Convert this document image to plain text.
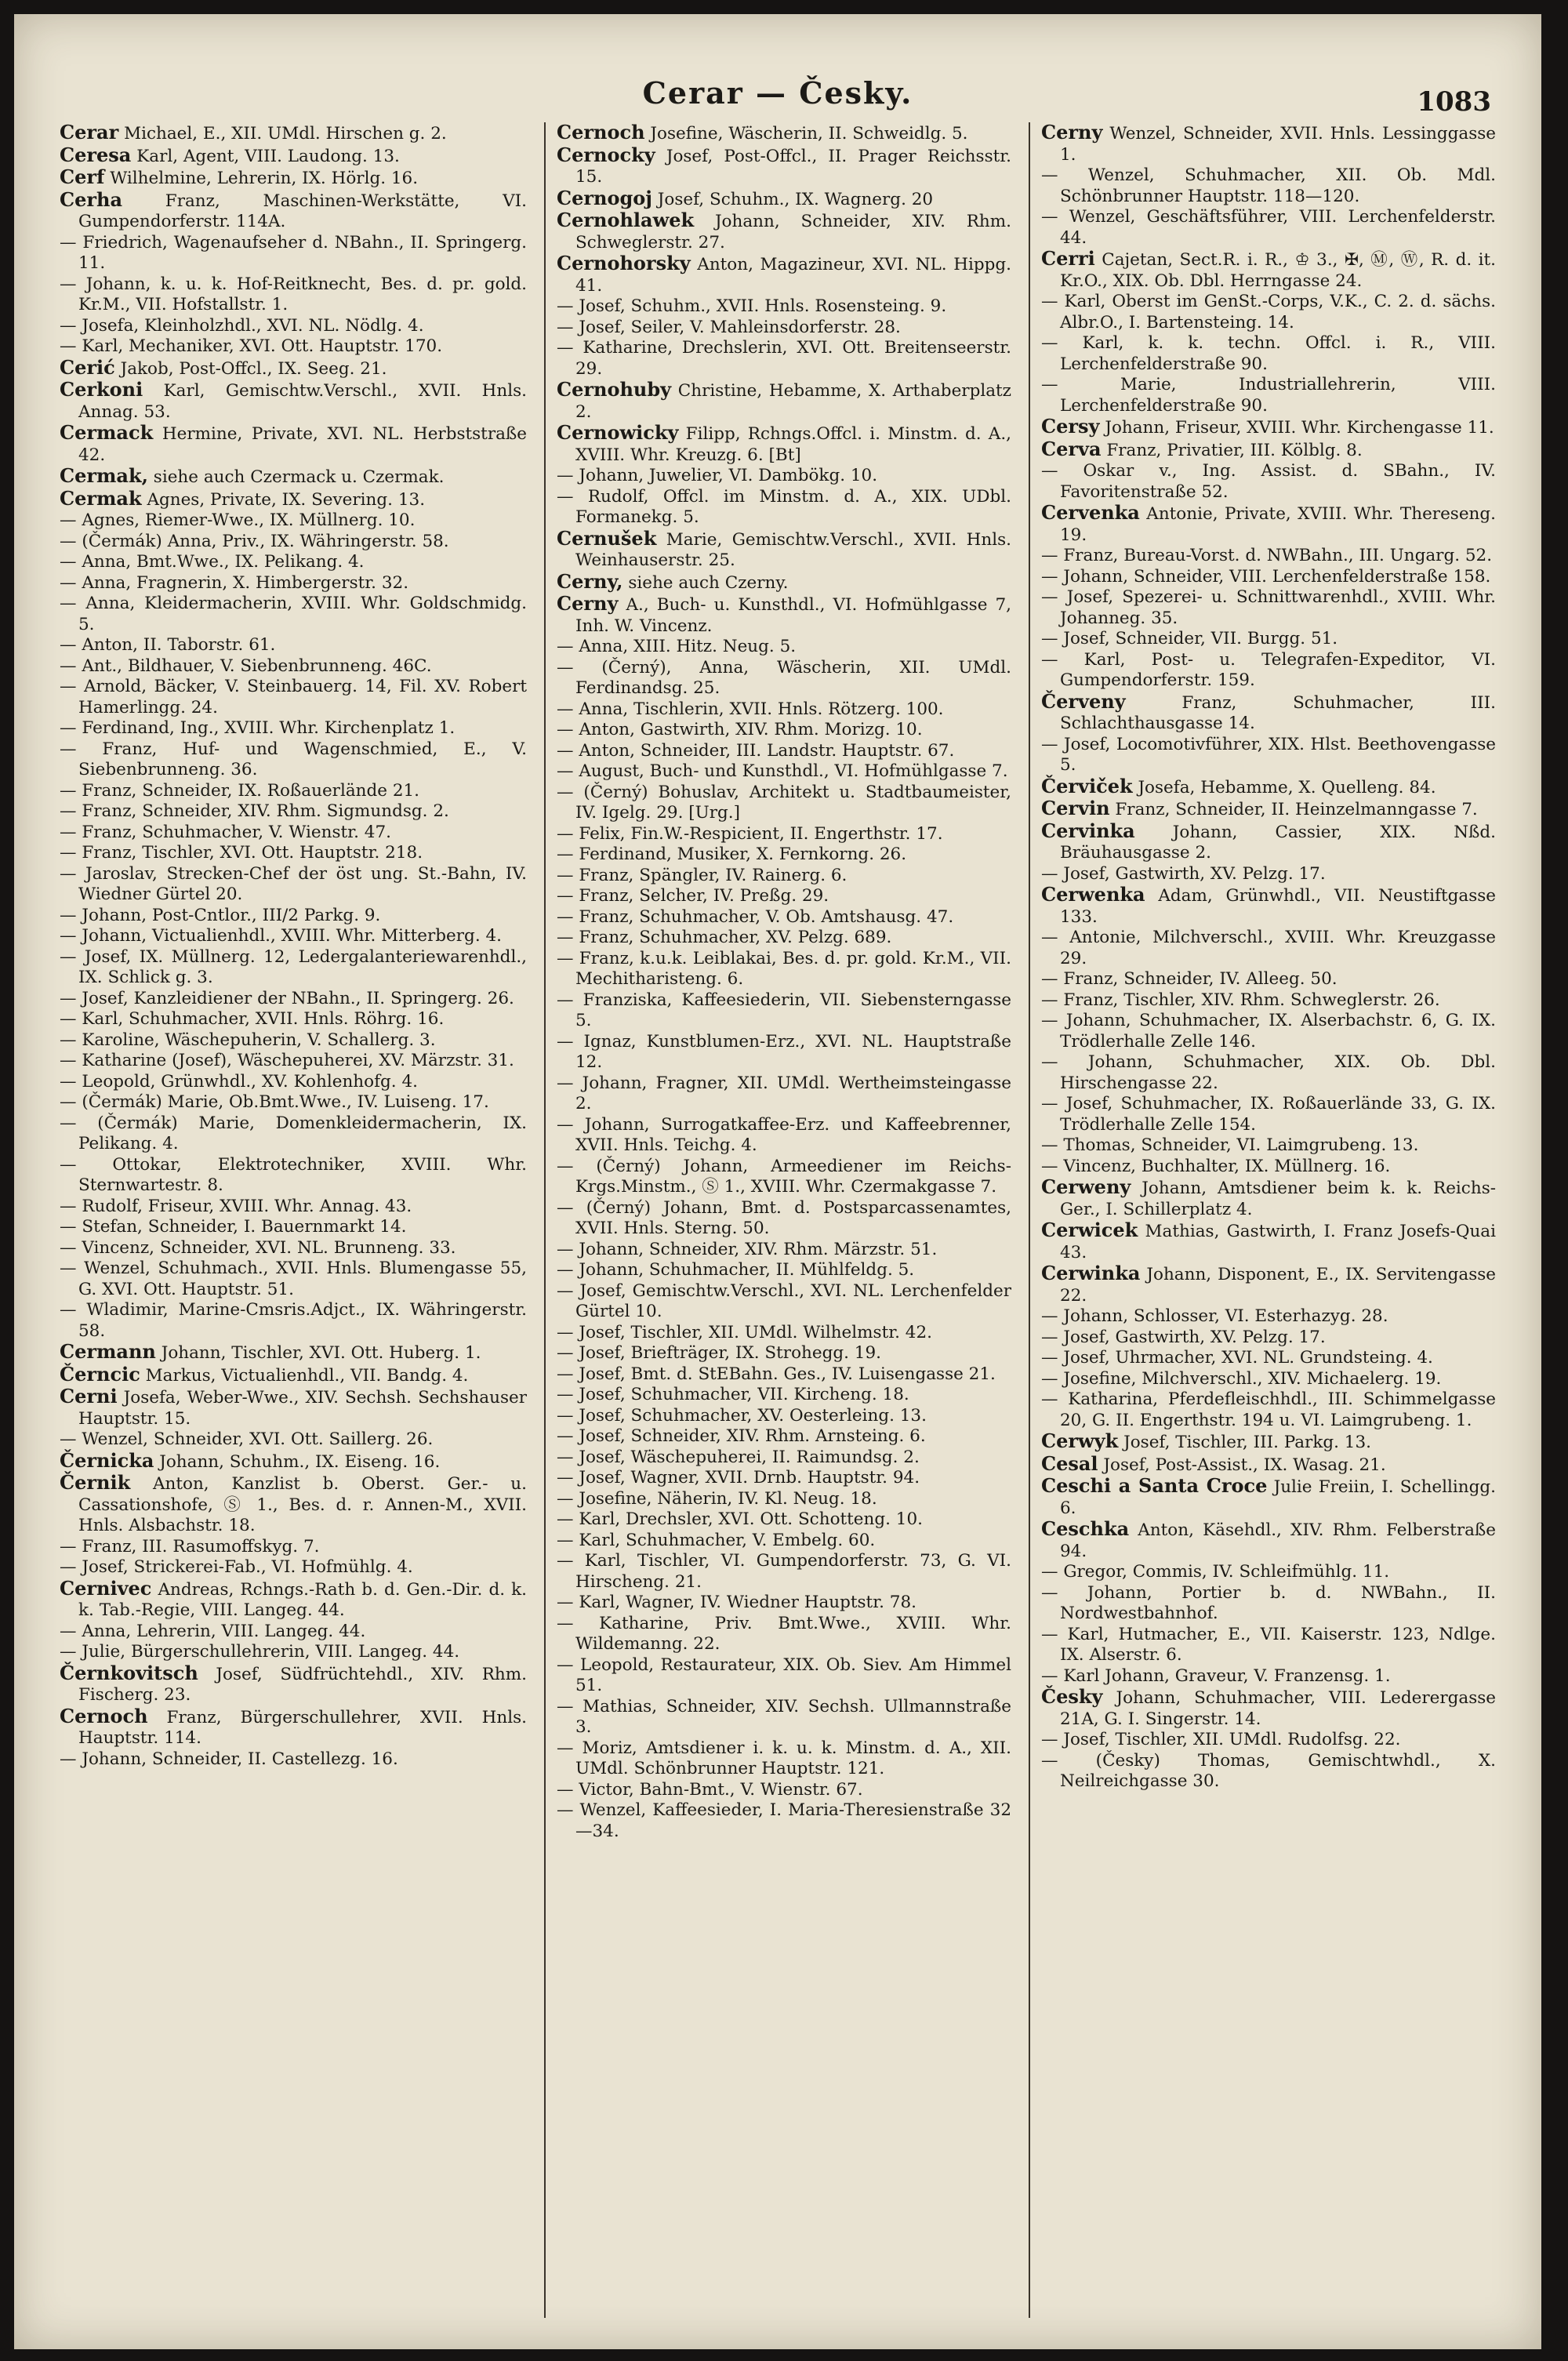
Cerar — Česky.	1083

Cerar Michael, E., XII. UMdl. Hirschen g. 2.

Ceresa Karl, Agent, VIII. Laudong. 13.

Cerf Wilhelmine, Lehrerin, IX. Hörlg. 16.

Cerha	Franz, Maschinen-Werkstätte, VI. Gumpendorferstr. 114A.

— Friedrich, Wagenaufseher d. NBahn., II. Springerg. 11.

— Johann, k. u. k. Hof-Reitknecht, Bes. d. pr. gold. Kr.M., VII. Hofstallstr. 1.

— Josefa, Kleinholzhdl., XVI. NL. Nödlg. 4.

— Karl, Mechaniker, XVI. Ott. Hauptstr. 170.

Cerić Jakob, Post-Offcl., IX. Seeg. 21.

Cerkoni Karl, Gemischtw.Verschl., XVII. Hnls. Annag. 53.

Cermack Hermine, Private, XVI. NL. Herbststraße 42.

Cermak, siehe auch Czermack u. Czermak.

Cermak Agnes, Private, IX. Severing. 13.

— Agnes, Riemer-Wwe., IX. Müllnerg. 10.

— (Čermák) Anna, Priv., IX. Währingerstr. 58.

— Anna, Bmt.Wwe., IX. Pelikang. 4.

— Anna, Fragnerin, X. Himbergerstr. 32.

— Anna, Kleidermacherin, XVIII. Whr. Goldschmidg. 5.

— Anton, II. Taborstr. 61.

— Ant., Bildhauer, V. Siebenbrunneng. 46C.

— Arnold, Bäcker, V. Steinbauerg. 14, Fil. XV. Robert Hamerlingg. 24.

— Ferdinand, Ing., XVIII. Whr. Kirchenplatz 1.

— Franz, Huf- und Wagenschmied, E., V. Siebenbrunneng. 36.

— Franz, Schneider, IX. Roßauerlände 21.

— Franz, Schneider, XIV. Rhm. Sigmundsg. 2.

— Franz, Schuhmacher, V. Wienstr. 47.

— Franz, Tischler, XVI. Ott. Hauptstr. 218.

— Jaroslav, Strecken-Chef der öst ung. St.-Bahn, IV. Wiedner Gürtel 20.

— Johann, Post-Cntlor., III/2 Parkg. 9.

— Johann, Victualienhdl., XVIII. Whr. Mitterberg. 4.

— Josef, IX. Müllnerg. 12, Ledergalanteriewarenhdl., IX. Schlick g. 3.

— Josef, Kanzleidiener der NBahn., II. Springerg. 26.

— Karl, Schuhmacher, XVII. Hnls. Röhrg. 16.

— Karoline, Wäschepuherin, V. Schallerg. 3.

— Katharine (Josef), Wäschepuherei, XV. Märzstr. 31.

— Leopold, Grünwhdl., XV. Kohlenhofg. 4.

— (Čermák) Marie, Ob.Bmt.Wwe., IV. Luiseng. 17.

— (Čermák) Marie, Domenkleidermacherin, IX. Pelikang. 4.

— Ottokar, Elektrotechniker, XVIII. Whr. Sternwartestr. 8.

— Rudolf, Friseur, XVIII. Whr. Annag. 43.

— Stefan, Schneider, I. Bauernmarkt 14.

— Vincenz, Schneider, XVI. NL. Brunneng. 33.

— Wenzel, Schuhmach., XVII. Hnls. Blumengasse 55, G. XVI. Ott. Hauptstr. 51.

— Wladimir, Marine-Cmsris.Adjct., IX. Währingerstr. 58.

Cermann Johann, Tischler, XVI. Ott. Huberg. 1.

Černcic Markus, Victualienhdl., VII. Bandg. 4.

Cerni Josefa, Weber-Wwe., XIV. Sechsh. Sechshauser Hauptstr. 15.

— Wenzel, Schneider, XVI. Ott. Saillerg. 26.

Černicka Johann, Schuhm., IX. Eiseng. 16.

Černik Anton, Kanzlist b. Oberst. Ger.- u. Cassationshofe, Ⓢ 1., Bes. d. r. Annen-M., XVII. Hnls. Alsbachstr. 18.

— Franz, III. Rasumoffskyg. 7.

— Josef, Strickerei-Fab., VI. Hofmühlg. 4.

Cernivec Andreas, Rchngs.-Rath b. d. Gen.-Dir. d. k. k. Tab.-Regie, VIII. Langeg. 44.

— Anna, Lehrerin, VIII. Langeg. 44.

— Julie, Bürgerschullehrerin, VIII. Langeg. 44.

Černkovitsch Josef, Südfrüchtehdl., XIV. Rhm. Fischerg. 23.

Cernoch Franz, Bürgerschullehrer, XVII. Hnls. Hauptstr. 114.

— Johann, Schneider, II. Castellezg. 16.

Cernoch Josefine, Wäscherin, II. Schweidlg. 5.

Cernocky Josef, Post-Offcl., II. Prager Reichsstr. 15.

Cernogoj Josef, Schuhm., IX. Wagnerg. 20

Cernohlawek Johann, Schneider, XIV. Rhm. Schweglerstr. 27.

Cernohorsky Anton, Magazineur, XVI. NL. Hippg. 41.

— Josef, Schuhm., XVII. Hnls. Rosensteing. 9.

— Josef, Seiler, V. Mahleinsdorferstr. 28.

— Katharine, Drechslerin, XVI. Ott. Breitenseerstr. 29.

Cernohuby Christine, Hebamme, X. Arthaberplatz 2.

Cernowicky Filipp, Rchngs.Offcl. i. Minstm. d. A., XVIII. Whr. Kreuzg. 6. [Bt]

— Johann, Juwelier, VI. Dambökg. 10.

— Rudolf, Offcl. im Minstm. d. A., XIX. UDbl. Formanekg. 5.

Cernušek Marie, Gemischtw.Verschl., XVII. Hnls. Weinhauserstr. 25.

Cerny, siehe auch Czerny.

Cerny A., Buch- u. Kunsthdl., VI. Hofmühlgasse 7, Inh. W. Vincenz.

— Anna, XIII. Hitz. Neug. 5.

— (Černý), Anna, Wäscherin, XII. UMdl. Ferdinandsg. 25.

— Anna, Tischlerin, XVII. Hnls. Rötzerg. 100.

— Anton, Gastwirth, XIV. Rhm. Morizg. 10.

— Anton, Schneider, III. Landstr. Hauptstr. 67.

— August, Buch- und Kunsthdl., VI. Hofmühlgasse 7.

— (Černý) Bohuslav, Architekt u. Stadtbaumeister, IV. Igelg. 29. [Urg.]

— Felix, Fin.W.-Respicient, II. Engerthstr. 17.

— Ferdinand, Musiker, X. Fernkorng. 26.

— Franz, Spängler, IV. Rainerg. 6.

— Franz, Selcher, IV. Preßg. 29.

— Franz, Schuhmacher, V. Ob. Amtshausg. 47.

— Franz, Schuhmacher, XV. Pelzg. 689.

— Franz, k.u.k. Leiblakai, Bes. d. pr. gold. Kr.M., VII. Mechitharisteng. 6.

— Franziska, Kaffeesiederin, VII. Siebensterngasse 5.

— Ignaz, Kunstblumen-Erz., XVI. NL. Hauptstraße 12.

— Johann, Fragner, XII. UMdl. Wertheimsteingasse 2.

— Johann, Surrogatkaffee-Erz. und Kaffeebrenner, XVII. Hnls. Teichg. 4.

— (Černý) Johann, Armeediener im Reichs-Krgs.Minstm., Ⓢ 1., XVIII. Whr. Czermakgasse 7.

— (Černý) Johann, Bmt. d. Postsparcassenamtes, XVII. Hnls. Sterng. 50.

— Johann, Schneider, XIV. Rhm. Märzstr. 51.

— Johann, Schuhmacher, II. Mühlfeldg. 5.

— Josef, Gemischtw.Verschl., XVI. NL. Lerchenfelder Gürtel 10.

— Josef, Tischler, XII. UMdl. Wilhelmstr. 42.

— Josef, Briefträger, IX. Strohegg. 19.

— Josef, Bmt. d. StEBahn. Ges., IV. Luisengasse 21.

— Josef, Schuhmacher, VII. Kircheng. 18.

— Josef, Schuhmacher, XV. Oesterleing. 13.

— Josef, Schneider, XIV. Rhm. Arnsteing. 6.

— Josef, Wäschepuherei, II. Raimundsg. 2.

— Josef, Wagner, XVII. Drnb. Hauptstr. 94.

— Josefine, Näherin, IV. Kl. Neug. 18.

— Karl, Drechsler, XVI. Ott. Schotteng. 10.

— Karl, Schuhmacher, V. Embelg. 60.

— Karl, Tischler, VI. Gumpendorferstr. 73, G. VI. Hirscheng. 21.

— Karl, Wagner, IV. Wiedner Hauptstr. 78.

— Katharine, Priv. Bmt.Wwe., XVIII. Whr. Wildemanng. 22.

— Leopold, Restaurateur, XIX. Ob. Siev. Am Himmel 51.

— Mathias, Schneider, XIV. Sechsh. Ullmannstraße 3.

— Moriz, Amtsdiener i. k. u. k. Minstm. d. A., XII. UMdl. Schönbrunner Hauptstr. 121.

— Victor, Bahn-Bmt., V. Wienstr. 67.

— Wenzel, Kaffeesieder, I. Maria-Theresienstraße 32—34.

Cerny Wenzel, Schneider, XVII. Hnls. Lessinggasse 1.

— Wenzel, Schuhmacher, XII. Ob. Mdl. Schönbrunner Hauptstr. 118—120.

— Wenzel, Geschäftsführer, VIII. Lerchenfelderstr. 44.

Cerri Cajetan, Sect.R. i. R., ♔ 3., ✠, Ⓜ, Ⓦ, R. d. it. Kr.O., XIX. Ob. Dbl. Herrngasse 24.

— Karl, Oberst im GenSt.-Corps, V.K., C. 2. d. sächs. Albr.O., I. Bartensteing. 14.

— Karl, k. k. techn. Offcl. i. R., VIII. Lerchenfelderstraße 90.

— Marie, Industriallehrerin, VIII. Lerchenfelderstraße 90.

Cersy Johann, Friseur, XVIII. Whr. Kirchengasse 11.

Cerva Franz, Privatier, III. Kölblg. 8.

— Oskar v., Ing. Assist. d. SBahn., IV. Favoritenstraße 52.

Cervenka Antonie, Private, XVIII. Whr. Thereseng. 19.

— Franz, Bureau-Vorst. d. NWBahn., III. Ungarg. 52.

— Johann, Schneider, VIII. Lerchenfelderstraße 158.

— Josef, Spezerei- u. Schnittwarenhdl., XVIII. Whr. Johanneg. 35.

— Josef, Schneider, VII. Burgg. 51.

— Karl, Post- u. Telegrafen-Expeditor, VI. Gumpendorferstr. 159.

Červeny	Franz, Schuhmacher, III. Schlachthausgasse 14.

— Josef, Locomotivführer, XIX. Hlst. Beethovengasse 5.

Červiček Josefa, Hebamme, X. Quelleng. 84.

Cervin Franz, Schneider, II. Heinzelmanngasse 7.

Cervinka Johann, Cassier, XIX. Nßd. Bräuhausgasse 2.

— Josef, Gastwirth, XV. Pelzg. 17.

Cerwenka Adam, Grünwhdl., VII. Neustiftgasse 133.

— Antonie, Milchverschl., XVIII. Whr. Kreuzgasse 29.

— Franz, Schneider, IV. Alleeg. 50.

— Franz, Tischler, XIV. Rhm. Schweglerstr. 26.

— Johann, Schuhmacher, IX. Alserbachstr. 6, G. IX. Trödlerhalle Zelle 146.

— Johann, Schuhmacher, XIX. Ob. Dbl. Hirschengasse 22.

— Josef, Schuhmacher, IX. Roßauerlände 33, G. IX. Trödlerhalle Zelle 154.

— Thomas, Schneider, VI. Laimgrubeng. 13.

— Vincenz, Buchhalter, IX. Müllnerg. 16.

Cerweny Johann, Amtsdiener beim k. k. Reichs-Ger., I. Schillerplatz 4.

Cerwicek Mathias, Gastwirth, I. Franz Josefs-Quai 43.

Cerwinka Johann, Disponent, E., IX. Servitengasse 22.

— Johann, Schlosser, VI. Esterhazyg. 28.

— Josef, Gastwirth, XV. Pelzg. 17.

— Josef, Uhrmacher, XVI. NL. Grundsteing. 4.

— Josefine, Milchverschl., XIV. Michaelerg. 19.

— Katharina, Pferdefleischhdl., III. Schimmelgasse 20, G. II. Engerthstr. 194 u. VI. Laimgrubeng. 1.

Cerwyk Josef, Tischler, III. Parkg. 13.

Cesal Josef, Post-Assist., IX. Wasag. 21.

Ceschi a Santa Croce Julie Freiin, I. Schellingg. 6.

Ceschka Anton, Käsehdl., XIV. Rhm. Felberstraße 94.

— Gregor, Commis, IV. Schleifmühlg. 11.

— Johann, Portier b. d. NWBahn., II. Nordwestbahnhof.

— Karl, Hutmacher, E., VII. Kaiserstr. 123, Ndlge. IX. Alserstr. 6.

— Karl Johann, Graveur, V. Franzensg. 1.

Česky Johann, Schuhmacher, VIII. Lederergasse 21A, G. I. Singerstr. 14.

— Josef, Tischler, XII. UMdl. Rudolfsg. 22.

— (Česky) Thomas, Gemischtwhdl., X. Neilreichgasse 30.
